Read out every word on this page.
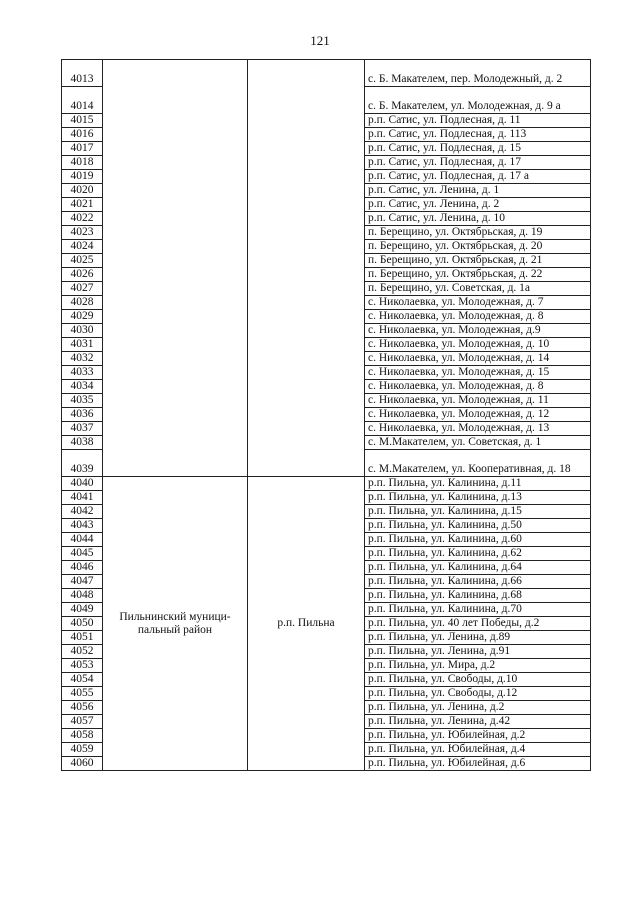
121
4013			с. Б. Макателем, пер. Молодежный, д. 2
4014			с. Б. Макателем, ул. Молодежная, д. 9 а
4015			р.п. Сатис, ул. Подлесная, д. 11
4016			р.п. Сатис, ул. Подлесная, д. 113
4017			р.п. Сатис, ул. Подлесная, д. 15
4018			р.п. Сатис, ул. Подлесная, д. 17
4019			р.п. Сатис, ул. Подлесная, д. 17 а
4020			р.п. Сатис, ул. Ленина, д. 1
4021			р.п. Сатис, ул. Ленина, д. 2
4022			р.п. Сатис, ул. Ленина, д. 10
4023			п. Берещино, ул. Октябрьская, д. 19
4024			п. Берещино, ул. Октябрьская, д. 20
4025			п. Берещино, ул. Октябрьская, д. 21
4026			п. Берещино, ул. Октябрьская, д. 22
4027			п. Берещино, ул. Советская, д. 1а
4028			с. Николаевка, ул. Молодежная, д. 7
4029			с. Николаевка, ул. Молодежная, д. 8
4030			с. Николаевка, ул. Молодежная, д.9
4031			с. Николаевка, ул. Молодежная, д. 10
4032			с. Николаевка, ул. Молодежная, д. 14
4033			с. Николаевка, ул. Молодежная, д. 15
4034			с. Николаевка, ул. Молодежная, д. 8
4035			с. Николаевка, ул. Молодежная, д. 11
4036			с. Николаевка, ул. Молодежная, д. 12
4037			с. Николаевка, ул. Молодежная, д. 13
4038			с. М.Макателем, ул. Советская, д. 1
4039			с. М.Макателем, ул. Кооперативная, д. 18
4040	Пильнинский муници-пальный район	р.п. Пильна	р.п. Пильна, ул. Калинина, д.11
4041			р.п. Пильна, ул. Калинина, д.13
4042			р.п. Пильна, ул. Калинина, д.15
4043			р.п. Пильна, ул. Калинина, д.50
4044			р.п. Пильна, ул. Калинина, д.60
4045			р.п. Пильна, ул. Калинина, д.62
4046			р.п. Пильна, ул. Калинина, д.64
4047			р.п. Пильна, ул. Калинина, д.66
4048			р.п. Пильна, ул. Калинина, д.68
4049			р.п. Пильна, ул. Калинина, д.70
4050			р.п. Пильна, ул. 40 лет Победы, д.2
4051			р.п. Пильна, ул. Ленина, д.89
4052			р.п. Пильна, ул. Ленина, д.91
4053			р.п. Пильна, ул. Мира, д.2
4054			р.п. Пильна, ул. Свободы, д.10
4055			р.п. Пильна, ул. Свободы, д.12
4056			р.п. Пильна, ул. Ленина, д.2
4057			р.п. Пильна, ул. Ленина, д.42
4058			р.п. Пильна, ул. Юбилейная, д.2
4059			р.п. Пильна, ул. Юбилейная, д.4
4060			р.п. Пильна, ул. Юбилейная, д.6
